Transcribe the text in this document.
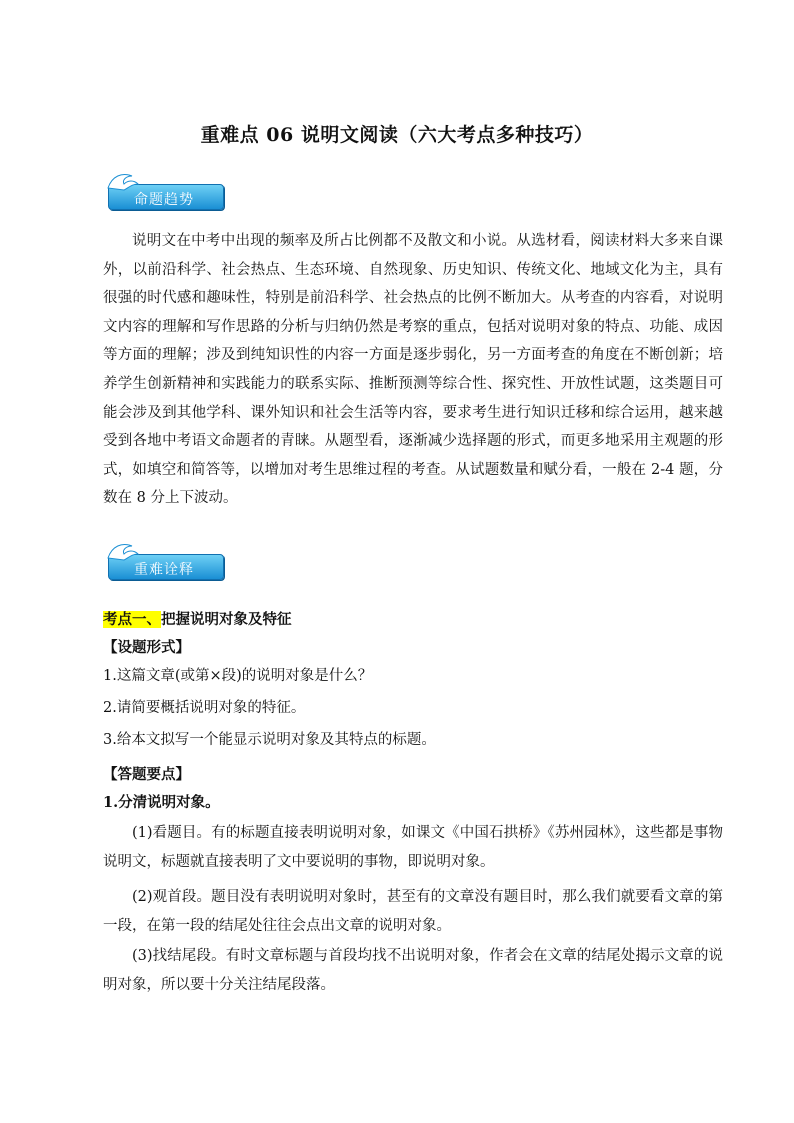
重难点 06 说明文阅读（六大考点多种技巧）
命题趋势
说明文在中考中出现的频率及所占比例都不及散文和小说。从选材看，阅读材料大多来自课外，以前沿科学、社会热点、生态环境、自然现象、历史知识、传统文化、地域文化为主，具有很强的时代感和趣味性，特别是前沿科学、社会热点的比例不断加大。从考查的内容看，对说明文内容的理解和写作思路的分析与归纳仍然是考察的重点，包括对说明对象的特点、功能、成因等方面的理解；涉及到纯知识性的内容一方面是逐步弱化，另一方面考查的角度在不断创新；培养学生创新精神和实践能力的联系实际、推断预测等综合性、探究性、开放性试题，这类题目可能会涉及到其他学科、课外知识和社会生活等内容，要求考生进行知识迁移和综合运用，越来越受到各地中考语文命题者的青睐。从题型看，逐渐减少选择题的形式，而更多地采用主观题的形式，如填空和简答等，以增加对考生思维过程的考查。从试题数量和赋分看，一般在 2-4 题，分数在 8 分上下波动。
重难诠释
考点一、把握说明对象及特征
【设题形式】
1.这篇文章(或第×段)的说明对象是什么？
2.请简要概括说明对象的特征。
3.给本文拟写一个能显示说明对象及其特点的标题。
【答题要点】
1.分清说明对象。
(1)看题目。有的标题直接表明说明对象，如课文《中国石拱桥》《苏州园林》，这些都是事物说明文，标题就直接表明了文中要说明的事物，即说明对象。
(2)观首段。题目没有表明说明对象时，甚至有的文章没有题目时，那么我们就要看文章的第一段，在第一段的结尾处往往会点出文章的说明对象。
(3)找结尾段。有时文章标题与首段均找不出说明对象，作者会在文章的结尾处揭示文章的说明对象，所以要十分关注结尾段落。
